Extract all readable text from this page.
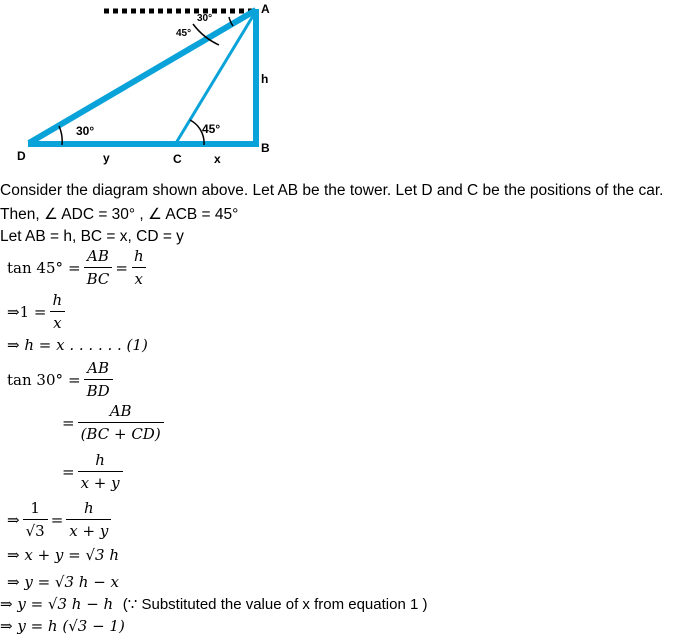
A
B
C
D
h
x
y
30°	45°
45°
30°
Consider the diagram shown above. Let AB be the tower. Let D and C be the positions of the car.
Then, ∠ ADC = 30° , ∠ ACB = 45°
Let AB = h, BC = x, CD = y
$\tan 45^\circ = \frac{AB}{BC} = \frac{h}{x}$
⇒ $1 = \frac{h}{x}$
⇒ h = x . . . . . . (1)
$\tan 30^\circ = \frac{AB}{BD}$
= $\frac{AB}{(BC + CD)}$
= $\frac{h}{x + y}$
⇒ $\frac{1}{√3} = \frac{h}{x + y}$
⇒ x + y = √3 h
⇒ y = √3 h − x
⇒ y = √3 h − h
(∵ Substituted the value of x from equation 1 )
⇒ y = h (√3 − 1)
